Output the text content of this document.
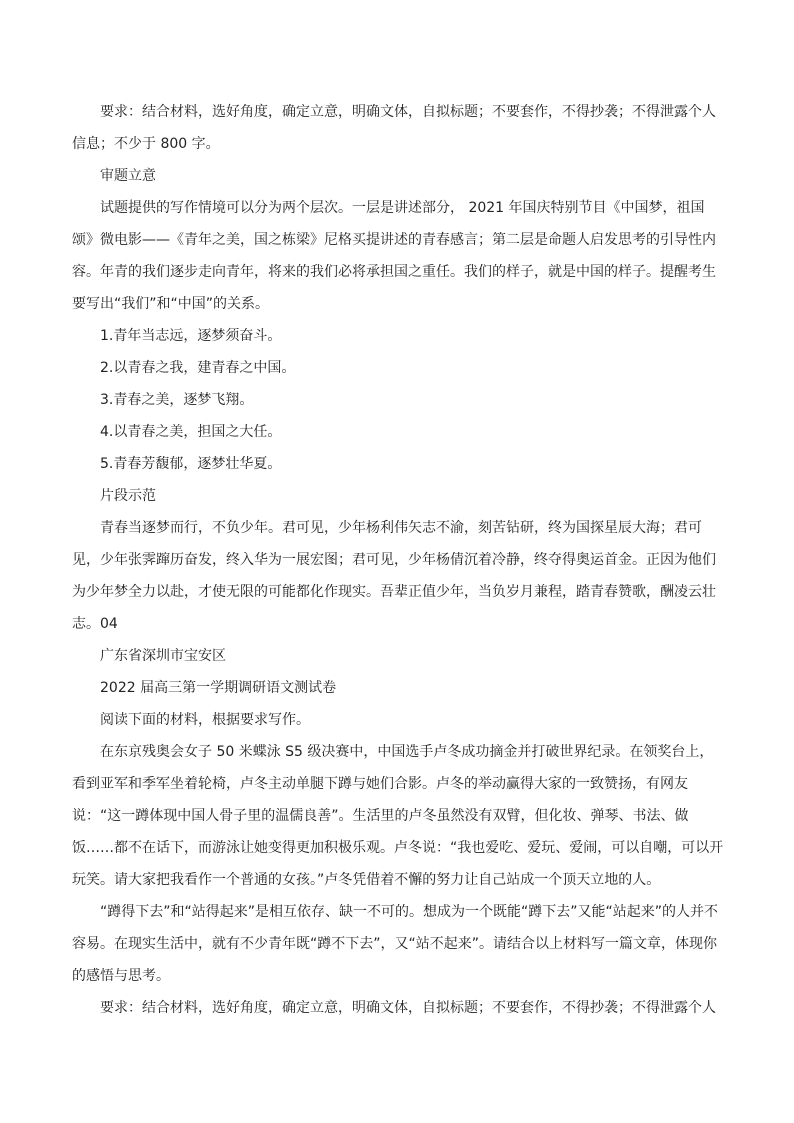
要求：结合材料，选好角度，确定立意，明确文体，自拟标题；不要套作，不得抄袭；不得泄露个人信息；不少于 800 字。
审题立意
试题提供的写作情境可以分为两个层次。一层是讲述部分， 2021 年国庆特别节目《中国梦，祖国颂》微电影——《青年之美，国之栋梁》尼格买提讲述的青春感言；第二层是命题人启发思考的引导性内容。年青的我们逐步走向青年，将来的我们必将承担国之重任。我们的样子，就是中国的样子。提醒考生要写出“我们”和“中国”的关系。
1.青年当志远，逐梦须奋斗。
2.以青春之我，建青春之中国。
3.青春之美，逐梦飞翔。
4.以青春之美，担国之大任。
5.青春芳馥郁，逐梦壮华夏。
片段示范
青春当逐梦而行，不负少年。君可见，少年杨利伟矢志不渝，刻苦钻研，终为国探星辰大海；君可见，少年张霁蹿历奋发，终入华为一展宏图；君可见，少年杨倩沉着冷静，终夺得奥运首金。正因为他们为少年梦全力以赴，才使无限的可能都化作现实。吾辈正值少年，当负岁月兼程，踏青春赞歌，酬凌云壮志。 04
广东省深圳市宝安区
2022 届高三第一学期调研语文测试卷
阅读下面的材料，根据要求写作。
在东京残奥会女子 50 米蝶泳 S5 级决赛中，中国选手卢冬成功摘金并打破世界纪录。在领奖台上，看到亚军和季军坐着轮椅，卢冬主动单腿下蹲与她们合影。卢冬的举动赢得大家的一致赞扬，有网友说：“这一蹲体现中国人骨子里的温儒良善”。生活里的卢冬虽然没有双臂，但化妆、弹琴、书法、做饭……都不在话下，而游泳让她变得更加积极乐观。卢冬说：“我也爱吃、爱玩、爱闹，可以自嘲，可以开玩笑。请大家把我看作一个普通的女孩。”卢冬凭借着不懈的努力让自己站成一个顶天立地的人。
“蹲得下去”和“站得起来”是相互依存、缺一不可的。想成为一个既能“蹲下去”又能“站起来”的人并不容易。在现实生活中，就有不少青年既“蹲不下去”，又“站不起来”。请结合以上材料写一篇文章，体现你的感悟与思考。
要求：结合材料，选好角度，确定立意，明确文体，自拟标题；不要套作，不得抄袭；不得泄露个人
